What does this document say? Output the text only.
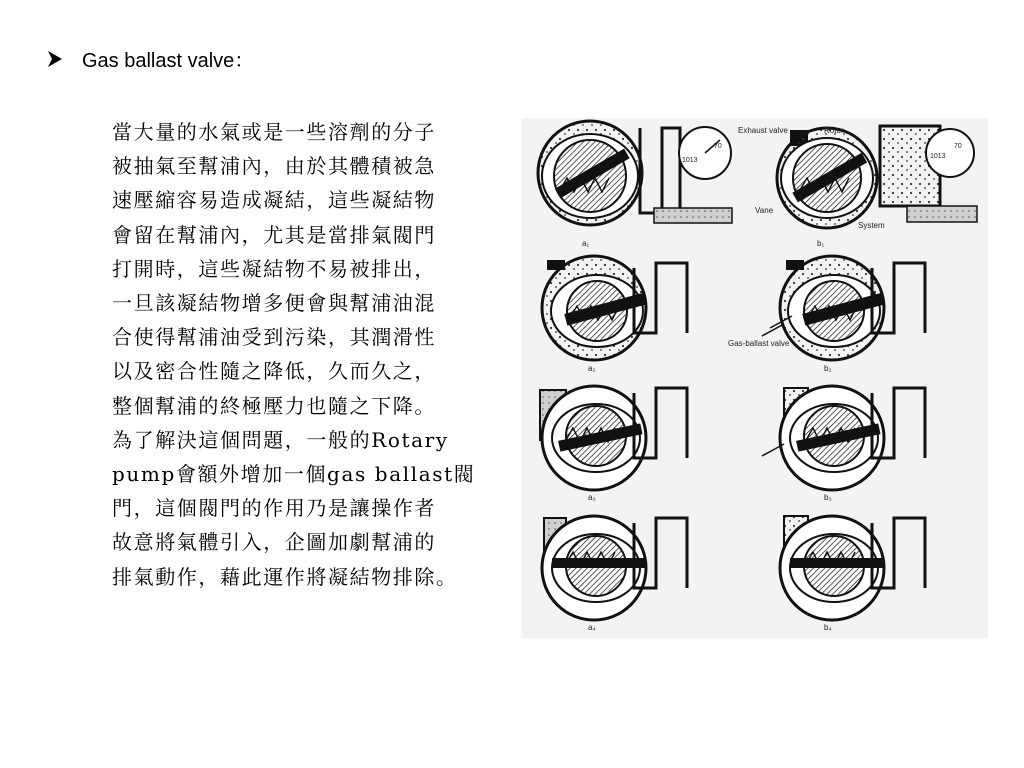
Gas ballast valve：
當大量的水氣或是一些溶劑的分子
被抽氣至幫浦內，由於其體積被急
速壓縮容易造成凝結，這些凝結物
會留在幫浦內，尤其是當排氣閥門
打開時，這些凝結物不易被排出，
一旦該凝結物增多便會與幫浦油混
合使得幫浦油受到污染，其潤滑性
以及密合性隨之降低，久而久之，
整個幫浦的終極壓力也隨之下降。
為了解決這個問題，一般的Rotary
pump會額外增加一個gas ballast閥
門，這個閥門的作用乃是讓操作者
故意將氣體引入，企圖加劇幫浦的
排氣動作，藉此運作將凝結物排除。
1013
70
a₁
1013
70
Exhaust valve	Rotor
Vane
System
b₁
a₂
Gas-ballast valve
b₂
a₃	b₃
a₄	b₄
